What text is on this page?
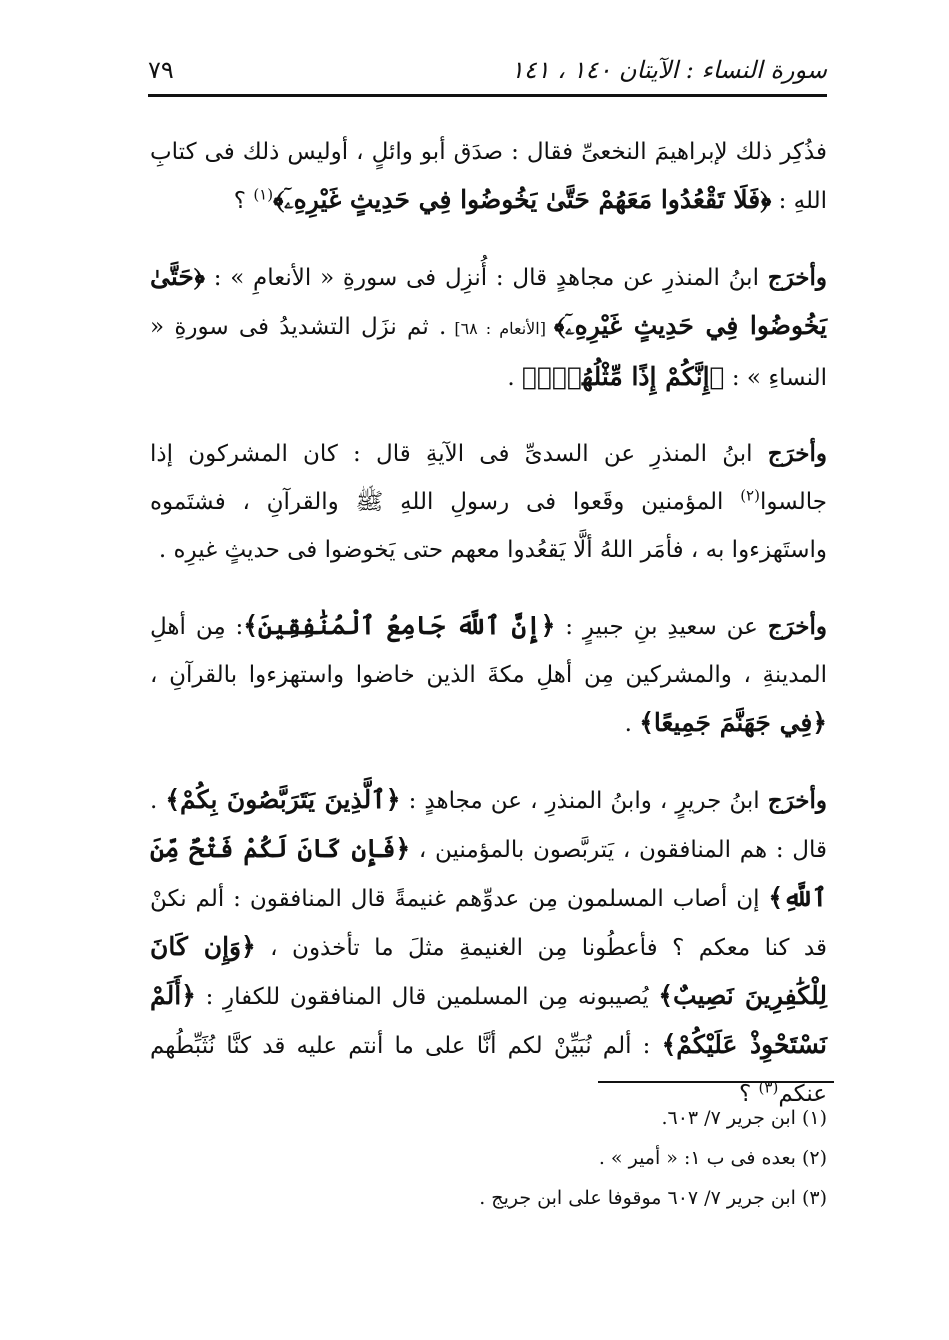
سورة النساء : الآيتان ١٤٠ ، ١٤١
٧٩

فذُكِر ذلك لإبراهيمَ النخعىِّ فقال : صدَق أبو وائلٍ ، أوليس ذلك فى كتابِ اللهِ : ﴿فَلَا تَقْعُدُوا مَعَهُمْ حَتَّىٰ يَخُوضُوا فِي حَدِيثٍ غَيْرِهِۦٓ﴾$^{(١)}$ ؟

وأخرَج ابنُ المنذرِ عن مجاهدٍ قال : أُنزِل فى سورةِ « الأنعامِ » : ﴿حَتَّىٰ يَخُوضُوا فِي حَدِيثٍ غَيْرِهِۦٓ﴾ [الأنعام : ٦٨] . ثم نزَل التشديدُ فى سورةِ « النساءِ » : ﴿إِنَّكُمْ إِذًا مِّثْلُهُمْۗ﴾ .

وأخرَج ابنُ المنذرِ عن السدىِّ فى الآيةِ قال : كان المشركون إذا جالسوا$^{(٢)}$ المؤمنين وقَعوا فى رسولِ اللهِ ﷺ والقرآنِ ، فشتَموه واستَهزءوا به ، فأمَر اللهُ ألَّا يَقعُدوا معهم حتى يَخوضوا فى حديثٍ غيرِه .

وأخرَج عن سعيدِ بنِ جبيرٍ : ﴿إِنَّ ٱللَّهَ جَامِعُ ٱلْمُنَٰفِقِينَ﴾: مِن أهلِ المدينةِ ، والمشركين مِن أهلِ مكةَ الذين خاضوا واستهزءوا بالقرآنِ ، ﴿فِي جَهَنَّمَ جَمِيعًا﴾ .

وأخرَج ابنُ جريرٍ ، وابنُ المنذرِ ، عن مجاهدٍ : ﴿ٱلَّذِينَ يَتَرَبَّصُونَ بِكُمْ﴾ . قال : هم المنافقون ، يَتربَّصون بالمؤمنين ، ﴿فَإِن كَانَ لَكُمْ فَتْحٌ مِّنَ ٱللَّهِ﴾ إن أصاب المسلمون مِن عدوِّهم غنيمةً قال المنافقون : ألم نكنْ قد كنا معكم ؟ فأعطُونا مِن الغنيمةِ مثلَ ما تأخذون ، ﴿وَإِن كَانَ لِلْكَٰفِرِينَ نَصِيبٌ﴾ يُصيبونه مِن المسلمين قال المنافقون للكفارِ : ﴿أَلَمْ نَسْتَحْوِذْ عَلَيْكُمْ﴾ : ألم نُبَيِّنْ لكم أنَّا على ما أنتم عليه قد كنَّا نُثَبِّطُهم عنكم$^{(٣)}$ ؟

(١) ابن جرير ٧/ ٦٠٣.

(٢) بعده فى ب ١: « أمير » .

(٣) ابن جرير ٧/ ٦٠٧ موقوفا على ابن جريج .
